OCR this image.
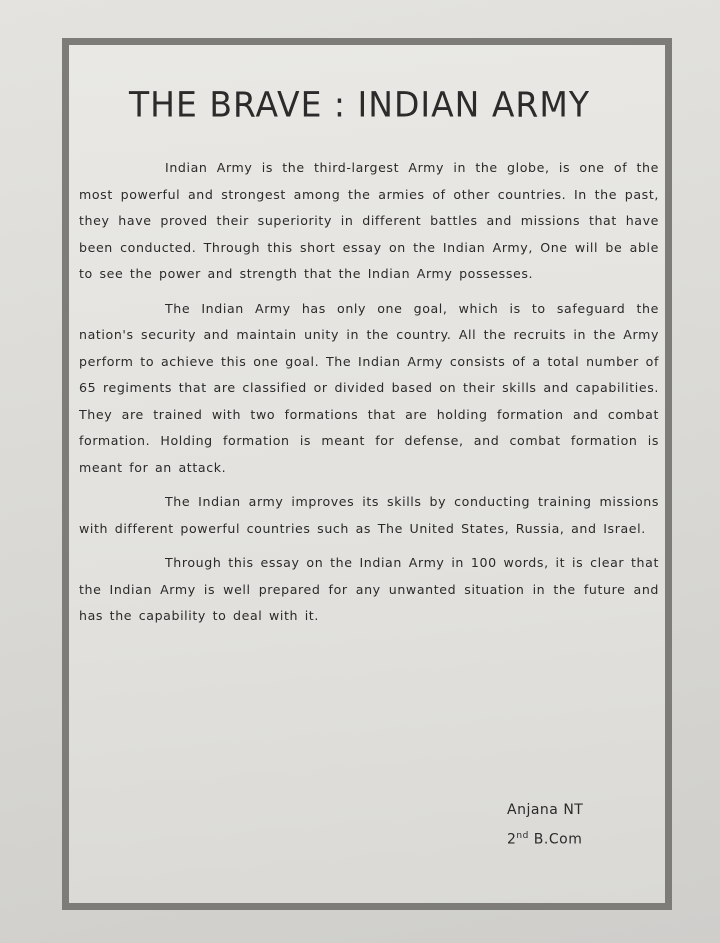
THE BRAVE : INDIAN ARMY

Indian Army is the third-largest Army in the globe, is one of the most powerful and strongest among the armies of other countries. In the past, they have proved their superiority in different battles and missions that have been conducted. Through this short essay on the Indian Army, One will be able to see the power and strength that the Indian Army possesses.

The Indian Army has only one goal, which is to safeguard the nation's security and maintain unity in the country. All the recruits in the Army perform to achieve this one goal. The Indian Army consists of a total number of 65 regiments that are classified or divided based on their skills and capabilities. They are trained with two formations that are holding formation and combat formation. Holding formation is meant for defense, and combat formation is meant for an attack.

The Indian army improves its skills by conducting training missions with different powerful countries such as The United States, Russia, and Israel.

Through this essay on the Indian Army in 100 words, it is clear that the Indian Army is well prepared for any unwanted situation in the future and has the capability to deal with it.

Anjana NT
2nd B.Com
